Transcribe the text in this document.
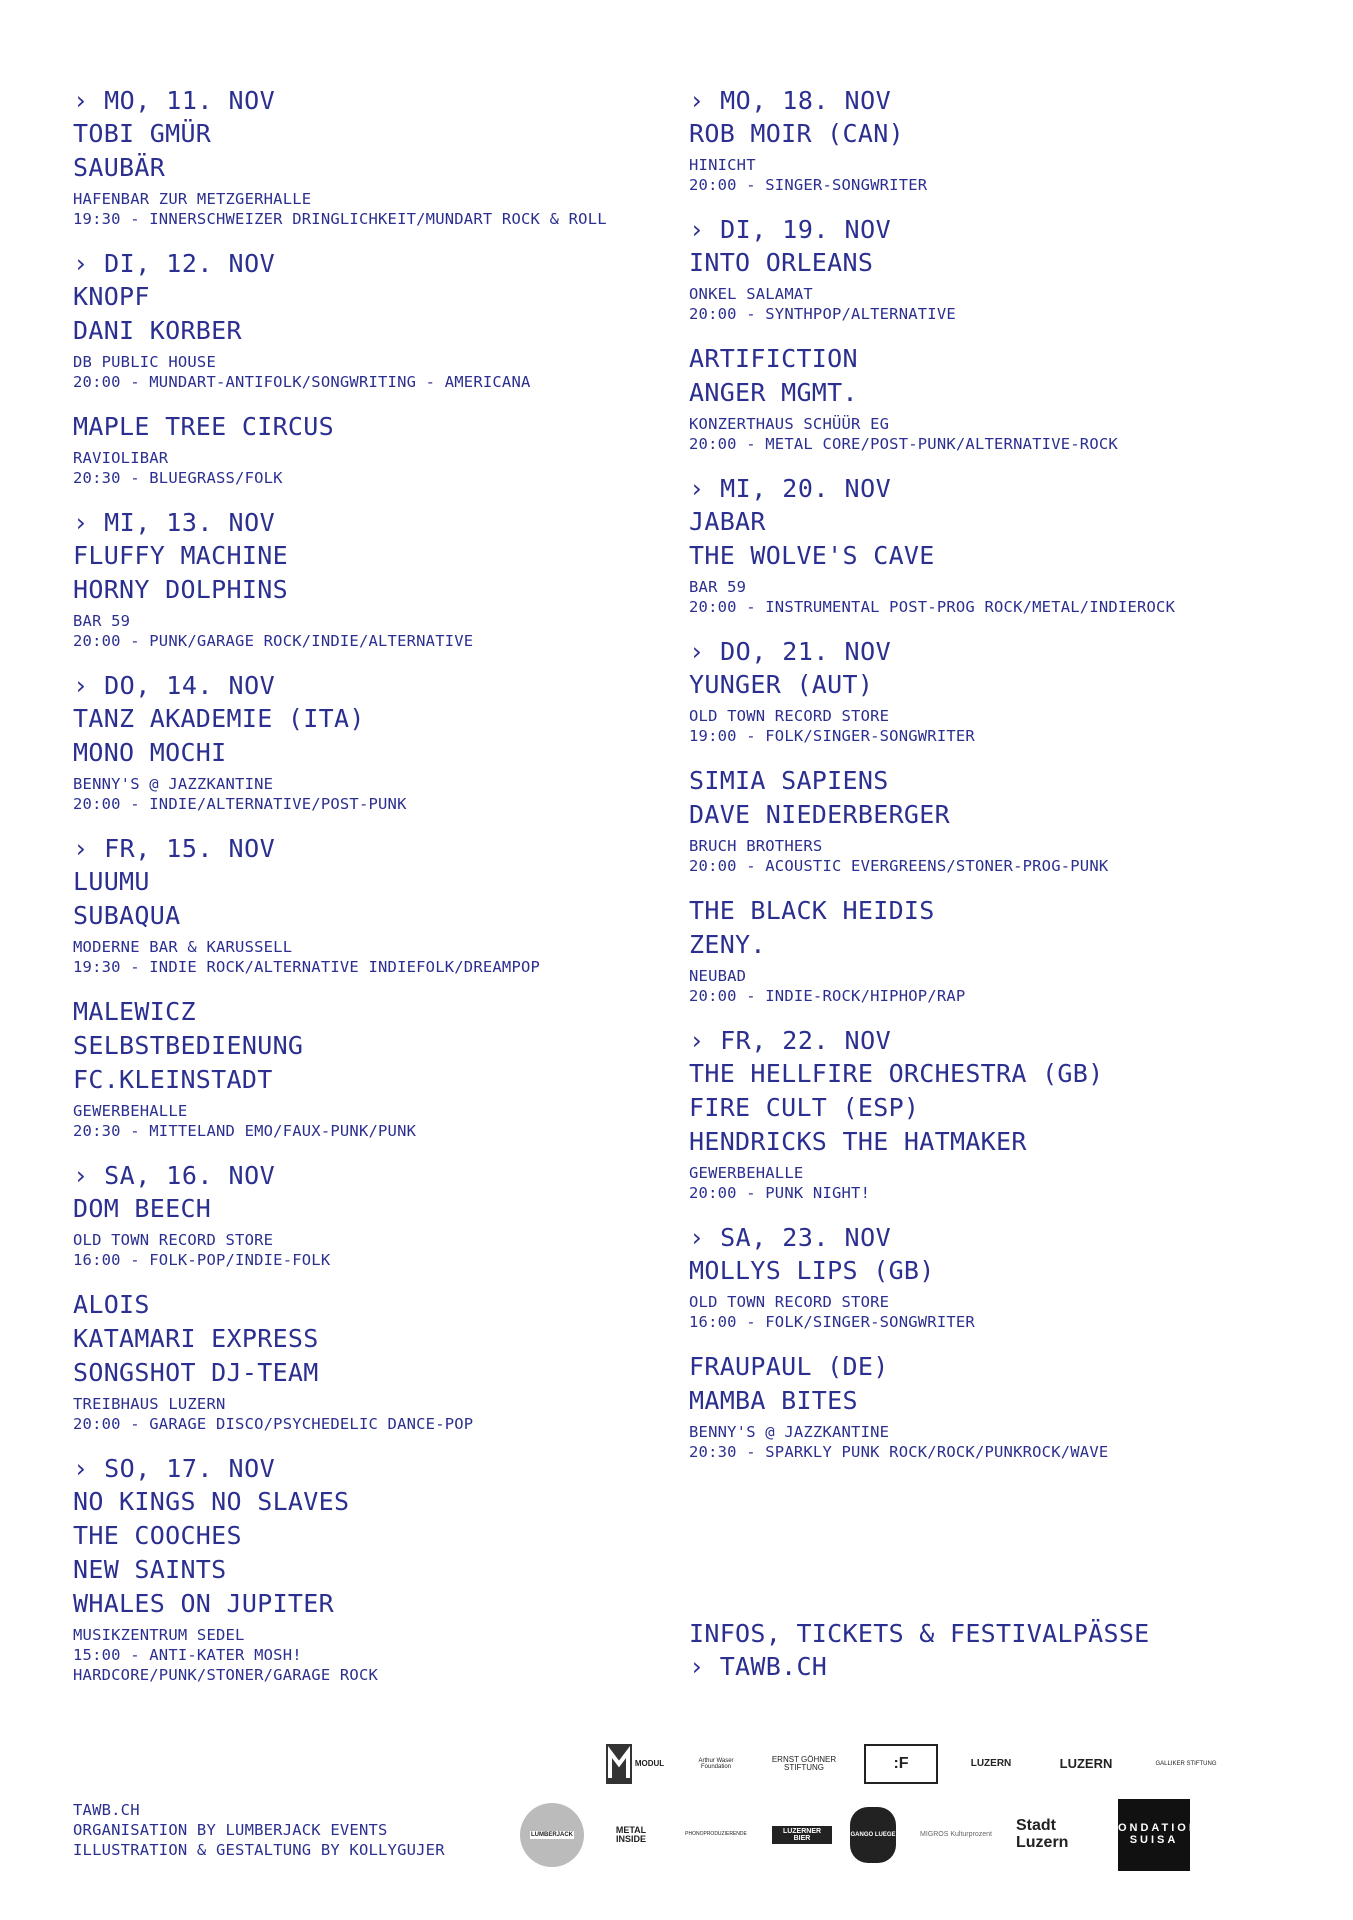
› MO, 11. NOV
TOBI GMÜR
SAUBÄR
HAFENBAR ZUR METZGERHALLE
19:30 - INNERSCHWEIZER DRINGLICHKEIT/MUNDART ROCK & ROLL
› DI, 12. NOV
KNOPF
DANI KORBER
DB PUBLIC HOUSE
20:00 - MUNDART-ANTIFOLK/SONGWRITING - AMERICANA
MAPLE TREE CIRCUS
RAVIOLIBAR
20:30 - BLUEGRASS/FOLK
› MI, 13. NOV
FLUFFY MACHINE
HORNY DOLPHINS
BAR 59
20:00 - PUNK/GARAGE ROCK/INDIE/ALTERNATIVE
› DO, 14. NOV
TANZ AKADEMIE (ITA)
MONO MOCHI
BENNY'S @ JAZZKANTINE
20:00 - INDIE/ALTERNATIVE/POST-PUNK
› FR, 15. NOV
LUUMU
SUBAQUA
MODERNE BAR & KARUSSELL
19:30 - INDIE ROCK/ALTERNATIVE INDIEFOLK/DREAMPOP
MALEWICZ
SELBSTBEDIENUNG
FC.KLEINSTADT
GEWERBEHALLE
20:30 - MITTELAND EMO/FAUX-PUNK/PUNK
› SA, 16. NOV
DOM BEECH
OLD TOWN RECORD STORE
16:00 - FOLK-POP/INDIE-FOLK
ALOIS
KATAMARI EXPRESS
SONGSHOT DJ-TEAM
TREIBHAUS LUZERN
20:00 - GARAGE DISCO/PSYCHEDELIC DANCE-POP
› SO, 17. NOV
NO KINGS NO SLAVES
THE COOCHES
NEW SAINTS
WHALES ON JUPITER
MUSIKZENTRUM SEDEL
15:00 - ANTI-KATER MOSH!
HARDCORE/PUNK/STONER/GARAGE ROCK
› MO, 18. NOV
ROB MOIR (CAN)
HINICHT
20:00 - SINGER-SONGWRITER
› DI, 19. NOV
INTO ORLEANS
ONKEL SALAMAT
20:00 - SYNTHPOP/ALTERNATIVE
ARTIFICTION
ANGER MGMT.
KONZERTHAUS SCHÜÜR EG
20:00 - METAL CORE/POST-PUNK/ALTERNATIVE-ROCK
› MI, 20. NOV
JABAR
THE WOLVE'S CAVE
BAR 59
20:00 - INSTRUMENTAL POST-PROG ROCK/METAL/INDIEROCK
› DO, 21. NOV
YUNGER (AUT)
OLD TOWN RECORD STORE
19:00 - FOLK/SINGER-SONGWRITER
SIMIA SAPIENS
DAVE NIEDERBERGER
BRUCH BROTHERS
20:00 - ACOUSTIC EVERGREENS/STONER-PROG-PUNK
THE BLACK HEIDIS
ZENY.
NEUBAD
20:00 - INDIE-ROCK/HIPHOP/RAP
› FR, 22. NOV
THE HELLFIRE ORCHESTRA (GB)
FIRE CULT (ESP)
HENDRICKS THE HATMAKER
GEWERBEHALLE
20:00 - PUNK NIGHT!
› SA, 23. NOV
MOLLYS LIPS (GB)
OLD TOWN RECORD STORE
16:00 - FOLK/SINGER-SONGWRITER
FRAUPAUL (DE)
MAMBA BITES
BENNY'S @ JAZZKANTINE
20:30 - SPARKLY PUNK ROCK/ROCK/PUNKROCK/WAVE
INFOS, TICKETS & FESTIVALPÄSSE
› TAWB.CH
TAWB.CH
ORGANISATION BY LUMBERJACK EVENTS
ILLUSTRATION & GESTALTUNG BY KOLLYGUJER
MODUL	Arthur Waser Foundation
ERNST GÖHNER STIFTUNG	:F	LUZERN	LUZERN	GALLIKER STIFTUNG
LUMBERJACK
METAL INSIDE	PHONOPRODUZIERENDE	LUZERNER BIER
GANGO LUEGE	MIGROS Kulturprozent
Stadt Luzern
FONDATION SUISA
